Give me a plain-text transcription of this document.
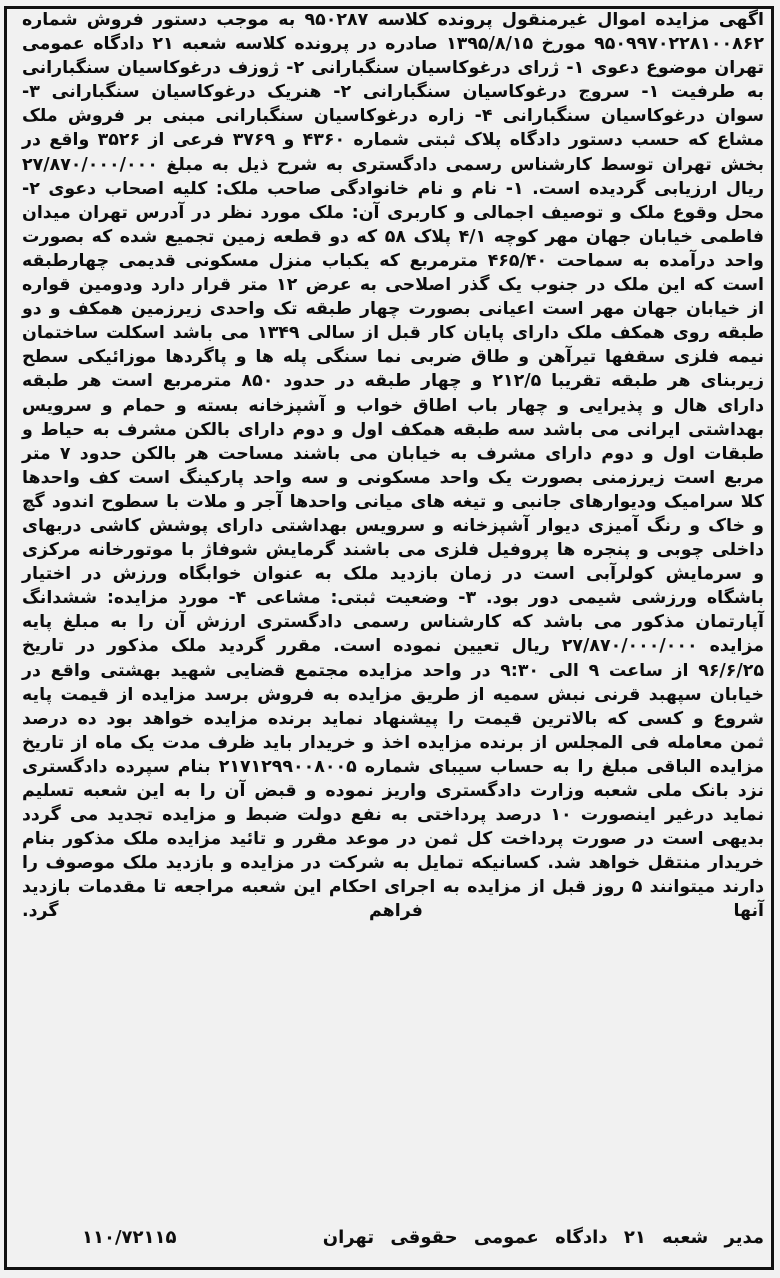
اگهی مزایده اموال غیرمنقول پرونده کلاسه ۹۵۰۲۸۷ به موجب دستور فروش شماره ۹۵۰۹۹۷۰۲۲۸۱۰۰۸۶۲ مورخ ۱۳۹۵/۸/۱۵ صادره در پرونده کلاسه شعبه ۲۱ دادگاه عمومی تهران موضوع دعوی ۱- ژرای درغوکاسیان سنگبارانی ۲- ژوزف درغوکاسیان سنگبارانی به طرفیت ۱- سروج درغوکاسیان سنگبارانی ۲- هنریک درغوکاسیان سنگبارانی ۳- سوان درغوکاسیان سنگبارانی ۴- زاره درغوکاسیان سنگبارانی مبنی بر فروش ملک مشاع که حسب دستور دادگاه پلاک ثبتی شماره ۴۳۶۰ و ۳۷۶۹ فرعی از ۳۵۲۶ واقع در بخش تهران توسط کارشناس رسمی دادگستری به شرح ذیل به مبلغ ۲۷/۸۷۰/۰۰۰/۰۰۰ ریال ارزیابی گردیده است. ۱- نام و نام خانوادگی صاحب ملک: کلیه اصحاب دعوی ۲- محل وقوع ملک و توصیف اجمالی و کاربری آن: ملک مورد نظر در آدرس تهران میدان فاطمی خیابان جهان مهر کوچه ۴/۱ پلاک ۵۸ که دو قطعه زمین تجمیع شده که بصورت واحد درآمده به سماحت ۴۶۵/۴۰ مترمربع که یکباب منزل مسکونی قدیمی چهارطبقه است که این ملک در جنوب یک گذر اصلاحی به عرض ۱۲ متر قرار دارد ودومین قواره از خیابان جهان مهر است اعیانی بصورت چهار طبقه تک واحدی زیرزمین همکف و دو طبقه روی همکف ملک دارای پایان کار قبل از سالی ۱۳۴۹ می باشد اسکلت ساختمان نیمه فلزی سقفها تیرآهن و طاق ضربی نما سنگی پله ها و پاگردها موزائیکی سطح زیربنای هر طبقه تقریبا ۲۱۲/۵ و چهار طبقه در حدود ۸۵۰ مترمربع است هر طبقه دارای هال و پذیرایی و چهار باب اطاق خواب و آشپزخانه بسته و حمام و سرویس بهداشتی ایرانی می باشد سه طبقه همکف اول و دوم دارای بالکن مشرف به حیاط و طبقات اول و دوم دارای مشرف به خیابان می باشند مساحت هر بالکن حدود ۷ متر مربع است زیرزمنی بصورت یک واحد مسکونی و سه واحد پارکینگ است کف واحدها کلا سرامیک ودیوارهای جانبی و تیغه های میانی واحدها آجر و ملات با سطوح اندود گچ و خاک و رنگ آمیزی دیوار آشپزخانه و سرویس بهداشتی دارای پوشش کاشی دربهای داخلی چوبی و پنجره ها پروفیل فلزی می باشند گرمایش شوفاژ با موتورخانه مرکزی و سرمایش کولرآبی است در زمان بازدید ملک به عنوان خوابگاه ورزش در اختیار باشگاه ورزشی شیمی دور بود. ۳- وضعیت ثبتی: مشاعی ۴- مورد مزایده: ششدانگ آپارتمان مذکور می باشد که کارشناس رسمی دادگستری ارزش آن را به مبلغ پایه مزایده ۲۷/۸۷۰/۰۰۰/۰۰۰ ریال تعیین نموده است. مقرر گردید ملک مذکور در تاریخ ۹۶/۶/۲۵ از ساعت ۹ الی ۹:۳۰ در واحد مزایده مجتمع قضایی شهید بهشتی واقع در خیابان سپهبد قرنی نبش سمیه از طریق مزایده به فروش برسد مزایده از قیمت پایه شروع و کسی که بالاترین قیمت را پیشنهاد نماید برنده مزایده خواهد بود ده درصد ثمن معامله فی المجلس از برنده مزایده اخذ و خریدار باید ظرف مدت یک ماه از تاریخ مزایده الباقی مبلغ را به حساب سیبای شماره ۲۱۷۱۲۹۹۰۰۸۰۰۵ بنام سپرده دادگستری نزد بانک ملی شعبه وزارت دادگستری واریز نموده و قبض آن را به این شعبه تسلیم نماید درغیر اینصورت ۱۰ درصد پرداختی به نفع دولت ضبط و مزایده تجدید می گردد بدیهی است در صورت پرداخت کل ثمن در موعد مقرر و تائید مزایده ملک مذکور بنام خریدار منتقل خواهد شد. کسانیکه تمایل به شرکت در مزایده و بازدید ملک موصوف را دارند میتوانند ۵ روز قبل از مزایده به اجرای احکام این شعبه مراجعه تا مقدمات بازدید آنها فراهم گرد.

مدیر شعبه ۲۱ دادگاه عمومی حقوقی تهران
۱۱۰/۷۲۱۱۵
